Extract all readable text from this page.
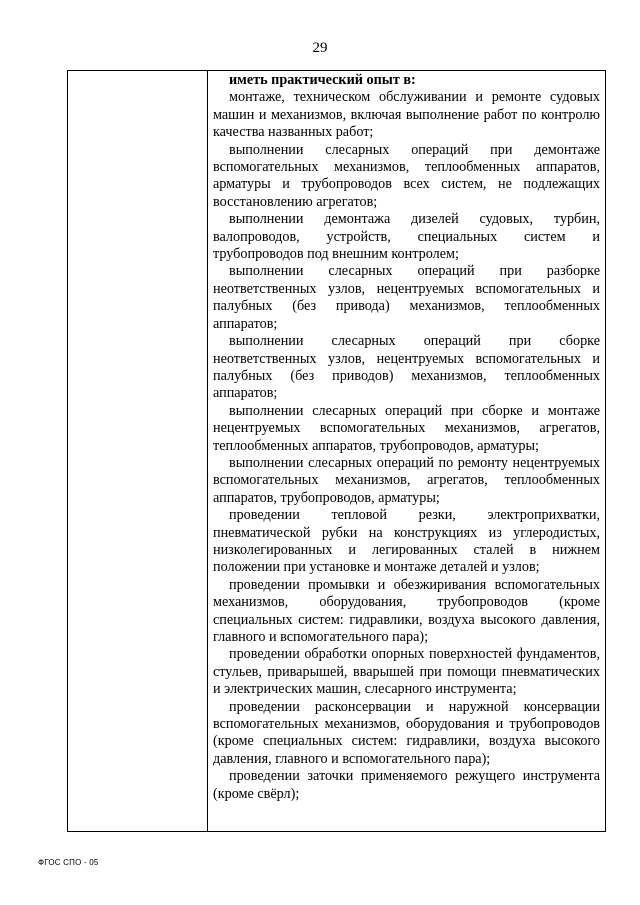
29
иметь практический опыт в:

монтаже, техническом обслуживании и ремонте судовых машин и механизмов, включая выполнение работ по контролю качества названных работ;

выполнении слесарных операций при демонтаже вспомогательных механизмов, теплообменных аппаратов, арматуры и трубопроводов всех систем, не подлежащих восстановлению агрегатов;

выполнении демонтажа дизелей судовых, турбин, валопроводов, устройств, специальных систем и трубопроводов под внешним контролем;

выполнении слесарных операций при разборке неответственных узлов, нецентруемых вспомогательных и палубных (без привода) механизмов, теплообменных аппаратов;

выполнении слесарных операций при сборке неответственных узлов, нецентруемых вспомогательных и палубных (без приводов) механизмов, теплообменных аппаратов;

выполнении слесарных операций при сборке и монтаже нецентруемых вспомогательных механизмов, агрегатов, теплообменных аппаратов, трубопроводов, арматуры;

выполнении слесарных операций по ремонту нецентруемых вспомогательных механизмов, агрегатов, теплообменных аппаратов, трубопроводов, арматуры;

проведении тепловой резки, электроприхватки, пневматической рубки на конструкциях из углеродистых, низколегированных и легированных сталей в нижнем положении при установке и монтаже деталей и узлов;

проведении промывки и обезжиривания вспомогательных механизмов, оборудования, трубопроводов (кроме специальных систем: гидравлики, воздуха высокого давления, главного и вспомогательного пара);

проведении обработки опорных поверхностей фундаментов, стульев, приварышей, вварышей при помощи пневматических и электрических машин, слесарного инструмента;

проведении расконсервации и наружной консервации вспомогательных механизмов, оборудования и трубопроводов (кроме специальных систем: гидравлики, воздуха высокого давления, главного и вспомогательного пара);

проведении заточки применяемого режущего инструмента (кроме свёрл);

ФГОС СПО - 05
